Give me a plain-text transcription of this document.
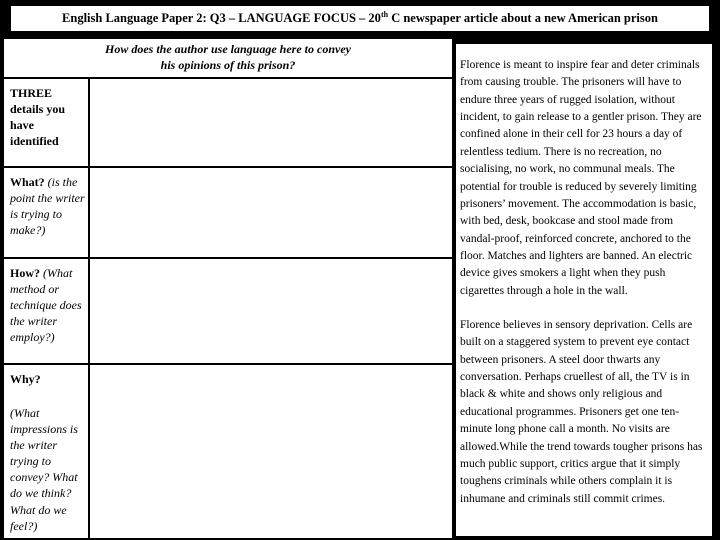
English Language Paper 2: Q3 – LANGUAGE FOCUS – 20th C newspaper article about a new American prison
How does the author use language here to convey his opinions of this prison?
THREE details you have identified
What? (is the point the writer is trying to make?)
How? (What method or technique does the writer employ?)
Why?
(What impressions is the writer trying to convey? What do we think? What do we feel?)

Florence is meant to inspire fear and deter criminals from causing trouble. The prisoners will have to endure three years of rugged isolation, without incident, to gain release to a gentler prison. They are confined alone in their cell for 23 hours a day of relentless tedium. There is no recreation, no socialising, no work, no communal meals. The potential for trouble is reduced by severely limiting prisoners’ movement. The accommodation is basic, with bed, desk, bookcase and stool made from vandal-proof, reinforced concrete, anchored to the floor. Matches and lighters are banned. An electric device gives smokers a light when they push cigarettes through a hole in the wall.

Florence believes in sensory deprivation. Cells are built on a staggered system to prevent eye contact between prisoners. A steel door thwarts any conversation. Perhaps cruellest of all, the TV is in black & white and shows only religious and educational programmes. Prisoners get one ten-minute long phone call a month. No visits are allowed.While the trend towards tougher prisons has much public support, critics argue that it simply toughens criminals while others complain it is inhumane and criminals still commit crimes.
